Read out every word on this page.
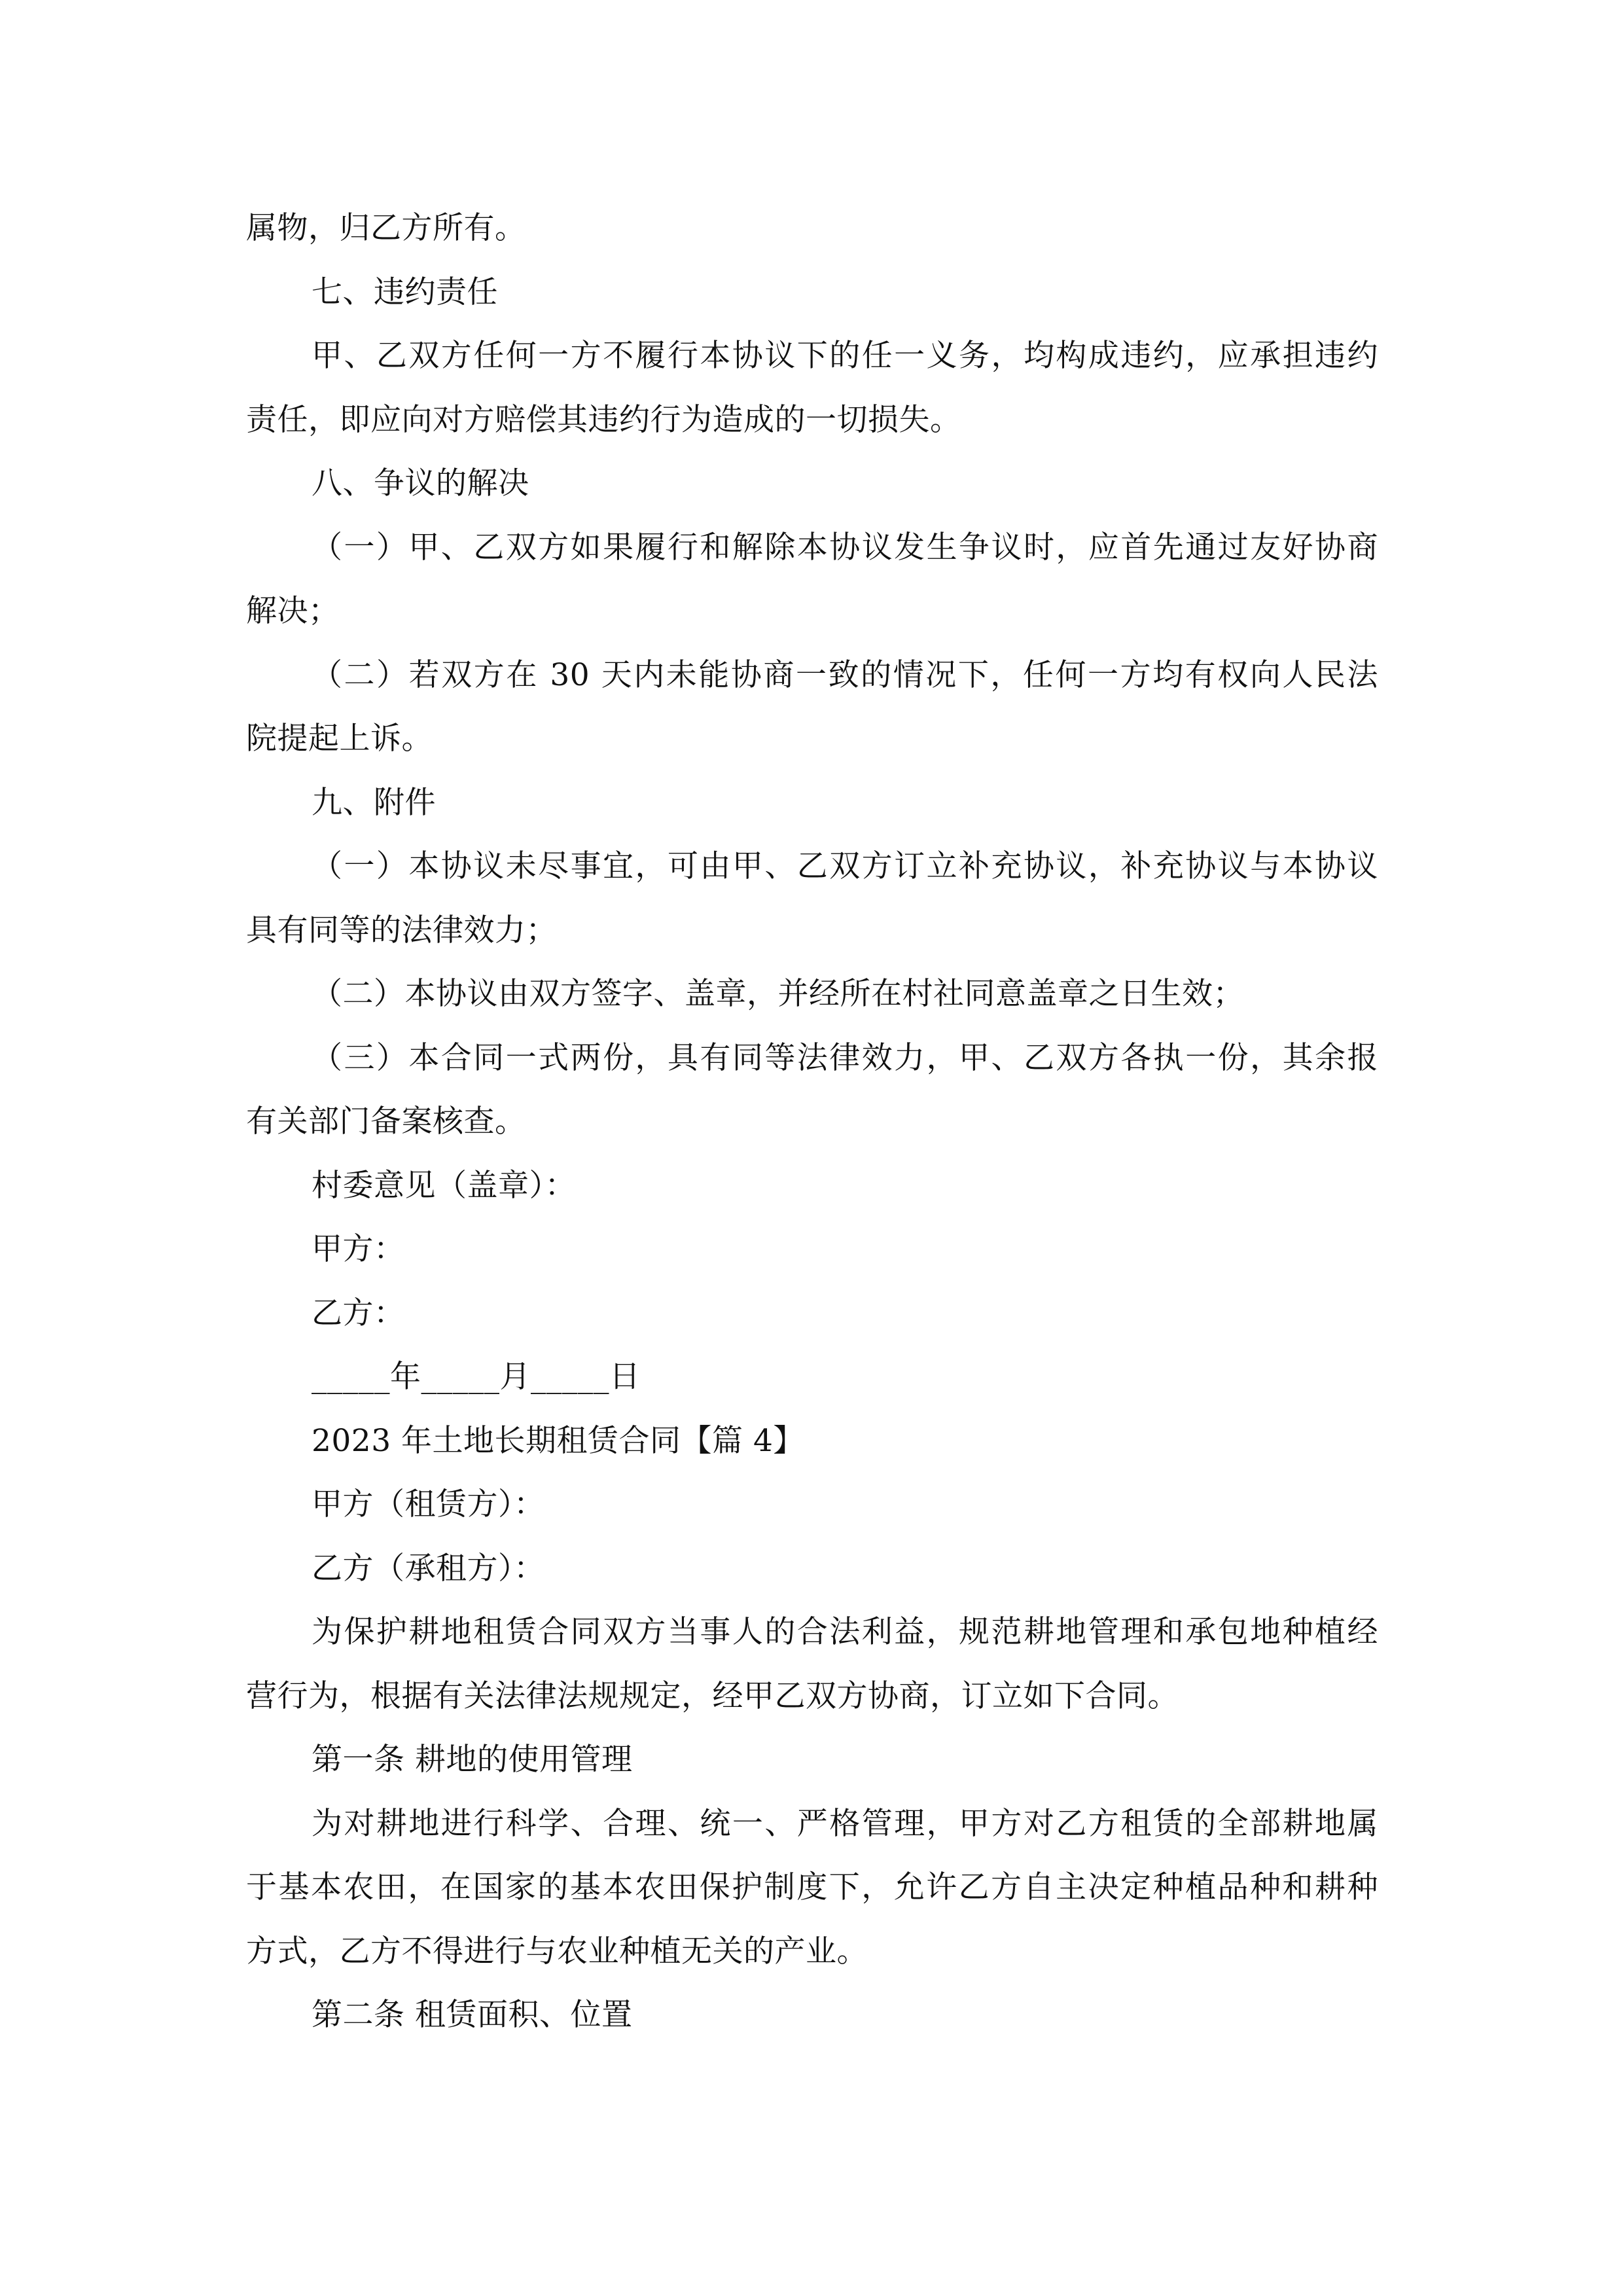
属物，归乙方所有。
七、违约责任
甲、乙双方任何一方不履行本协议下的任一义务，均构成违约，应承担违约
责任，即应向对方赔偿其违约行为造成的一切损失。
八、争议的解决
（一）甲、乙双方如果履行和解除本协议发生争议时，应首先通过友好协商
解决；
（二）若双方在 30 天内未能协商一致的情况下，任何一方均有权向人民法
院提起上诉。
九、附件
（一）本协议未尽事宜，可由甲、乙双方订立补充协议，补充协议与本协议
具有同等的法律效力；
（二）本协议由双方签字、盖章，并经所在村社同意盖章之日生效；
（三）本合同一式两份，具有同等法律效力，甲、乙双方各执一份，其余报
有关部门备案核查。
村委意见（盖章）：
甲方：
乙方：
_____年_____月_____日
2023 年土地长期租赁合同【篇 4】
甲方（租赁方）：
乙方（承租方）：
为保护耕地租赁合同双方当事人的合法利益，规范耕地管理和承包地种植经
营行为，根据有关法律法规规定，经甲乙双方协商，订立如下合同。
第一条 耕地的使用管理
为对耕地进行科学、合理、统一、严格管理，甲方对乙方租赁的全部耕地属
于基本农田，在国家的基本农田保护制度下，允许乙方自主决定种植品种和耕种
方式，乙方不得进行与农业种植无关的产业。
第二条 租赁面积、位置
